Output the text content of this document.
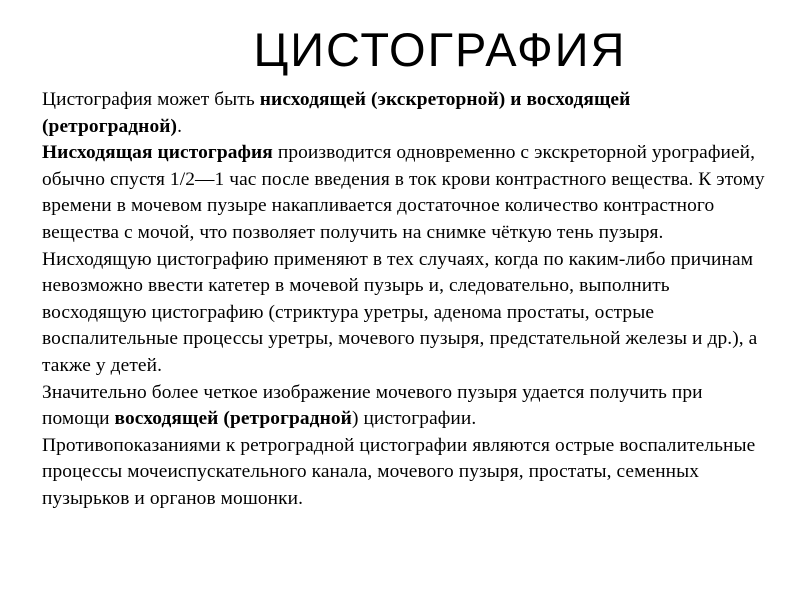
ЦИСТОГРАФИЯ

Цистография может быть нисходящей (экскреторной) и восходящей (ретроградной).

Нисходящая цистография производится одновременно с экскреторной урографией, обычно спустя 1/2—1 час после введения в ток крови контрастного вещества. К этому времени в мочевом пузыре накапливается достаточное количество контрастного вещества с мочой, что позволяет получить на снимке чёткую тень пузыря. Нисходящую цистографию применяют в тех случаях, когда по каким-либо причинам невозможно ввести катетер в мочевой пузырь и, следовательно, выполнить восходящую цистографию (стриктура уретры, аденома простаты, острые воспалительные процессы уретры, мочевого пузыря, предстательной железы и др.), а также у детей.

Значительно более четкое изображение мочевого пузыря удается получить при помощи восходящей (ретроградной) цистографии.

Противопоказаниями к ретроградной цистографии являются острые воспалительные процессы мочеиспускательного канала, мочевого пузыря, простаты, семенных пузырьков и органов мошонки.
